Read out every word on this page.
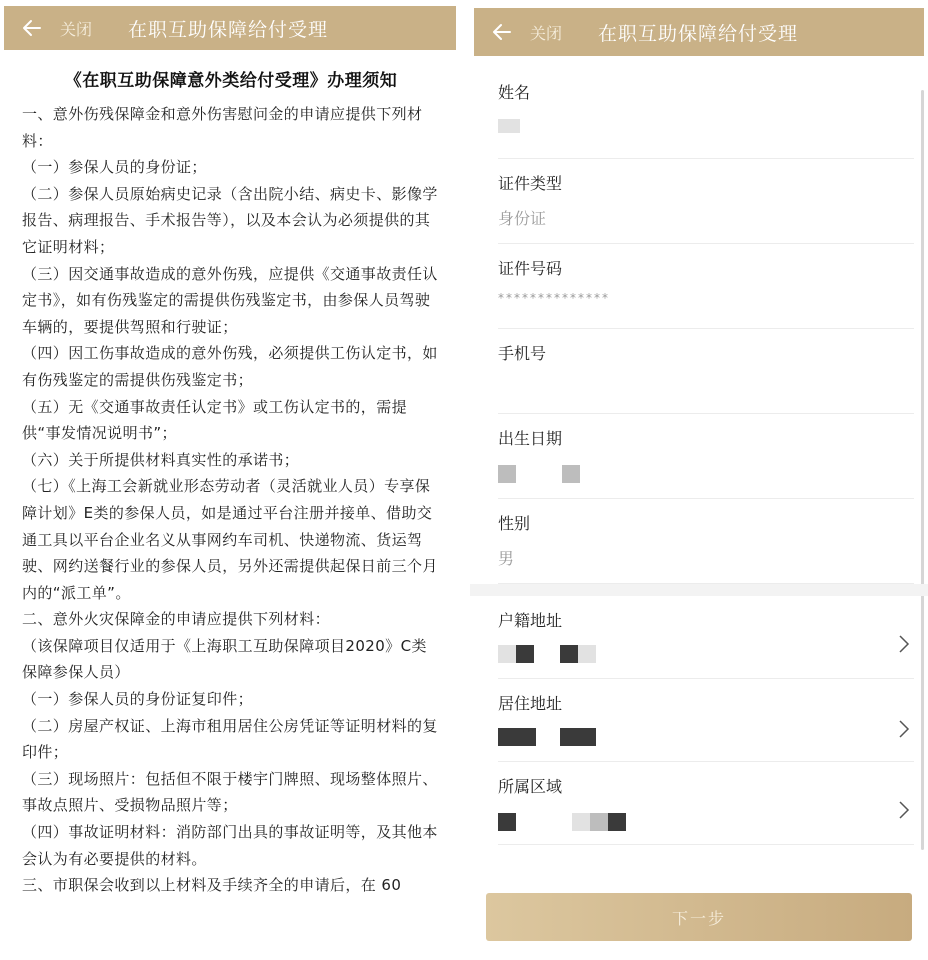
关闭 在职互助保障给付受理
《在职互助保障意外类给付受理》办理须知

一、意外伤残保障金和意外伤害慰问金的申请应提供下列材料：

（一）参保人员的身份证；

（二）参保人员原始病史记录（含出院小结、病史卡、影像学报告、病理报告、手术报告等），以及本会认为必须提供的其它证明材料；

（三）因交通事故造成的意外伤残，应提供《交通事故责任认定书》，如有伤残鉴定的需提供伤残鉴定书，由参保人员驾驶车辆的，要提供驾照和行驶证；

（四）因工伤事故造成的意外伤残，必须提供工伤认定书，如有伤残鉴定的需提供伤残鉴定书；

（五）无《交通事故责任认定书》或工伤认定书的，需提供“事发情况说明书”；

（六）关于所提供材料真实性的承诺书；

（七）《上海工会新就业形态劳动者（灵活就业人员）专享保障计划》E类的参保人员，如是通过平台注册并接单、借助交通工具以平台企业名义从事网约车司机、快递物流、货运驾驶、网约送餐行业的参保人员，另外还需提供起保日前三个月内的“派工单”。

二、意外火灾保障金的申请应提供下列材料：

（该保障项目仅适用于《上海职工互助保障项目2020》C类保障参保人员）

（一）参保人员的身份证复印件；

（二）房屋产权证、上海市租用居住公房凭证等证明材料的复印件；

（三）现场照片：包括但不限于楼宇门牌照、现场整体照片、事故点照片、受损物品照片等；

（四）事故证明材料：消防部门出具的事故证明等，及其他本会认为有必要提供的材料。

三、市职保会收到以上材料及手续齐全的申请后，在 60

关闭 在职互助保障给付受理
姓名
证件类型
身份证
证件号码
**************
手机号
出生日期

性别
男
户籍地址

居住地址

所属区域

下一步
